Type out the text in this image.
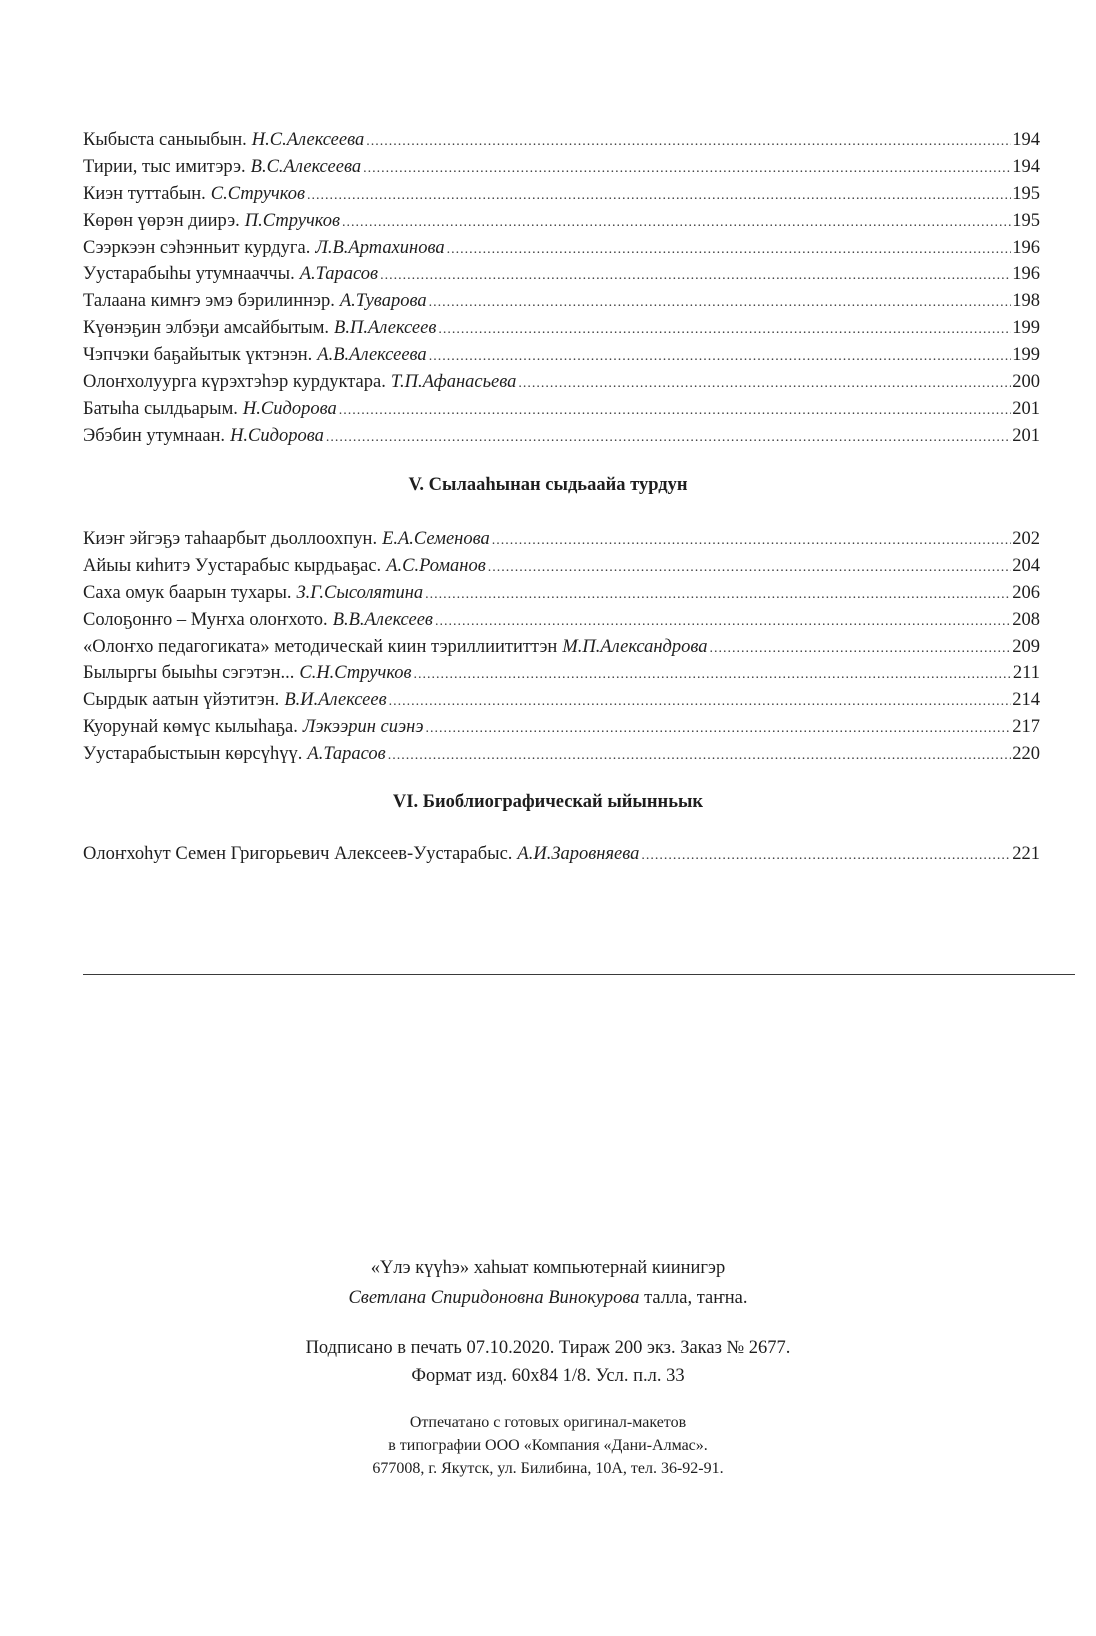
Кыбыста саныыбын. Н.С.Алексеева .....	194
Тирии, тыс имитэрэ. В.С.Алексеева .....	194
Киэн туттабын. С.Стручков .....	195
Көрөн үөрэн диирэ. П.Стручков .....	195
Сээркээн сэһэнньит курдуга. Л.В.Артахинова .....	196
Уустарабыһы утумнааччы. А.Тарасов .....	196
Талаана кимҥэ эмэ бэрилиннэр. А.Туварова .....	198
Күөнэҕин элбэҕи амсайбытым. В.П.Алексеев .....	199
Чэпчэки баҕайытык үктэнэн. А.В.Алексеева .....	199
Олоҥхолуурга күрэхтэһэр курдуктара. Т.П.Афанасьева .....	200
Батыһа сылдьарым. Н.Сидорова .....	201
Эбэбин утумнаан. Н.Сидорова .....	201
V. Сылааһынан сыдьаайа турдун
Киэҥ эйгэҕэ таһаарбыт дьоллоохпун. Е.А.Семенова .....	202
Айыы киһитэ Уустарабыс кырдьаҕас. А.С.Романов .....	204
Саха омук баарын тухары. З.Г.Сысолятина .....	206
Солоҕонҥо – Муҥха олоҥхото. В.В.Алексеев .....	208
«Олоҥхо педагогиката» методическай киин тэриллиититтэн М.П.Александрова .....	209
Былыргы быыһы сэгэтэн... С.Н.Стручков .....	211
Сырдык аатын үйэтитэн. В.И.Алексеев .....	214
Куорунай көмүс кылыһаҕа. Лэкээрин сиэнэ .....	217
Уустарабыстыын көрсүһүү. А.Тарасов .....	220
VI. Биоблиографическай ыйынньык
Олоҥхоһут Семен Григорьевич Алексеев-Уустарабыс. А.И.Заровняева .....	221
«Үлэ күүһэ» хаһыат компьютернай киинигэр
Светлана Спиридоновна Винокурова талла, таҥна.
Подписано в печать 07.10.2020. Тираж 200 экз. Заказ № 2677.
Формат изд. 60х84 1/8. Усл. п.л. 33
Отпечатано с готовых оригинал-макетов
в типографии ООО «Компания «Дани-Алмас».
677008, г. Якутск, ул. Билибина, 10А, тел. 36-92-91.
